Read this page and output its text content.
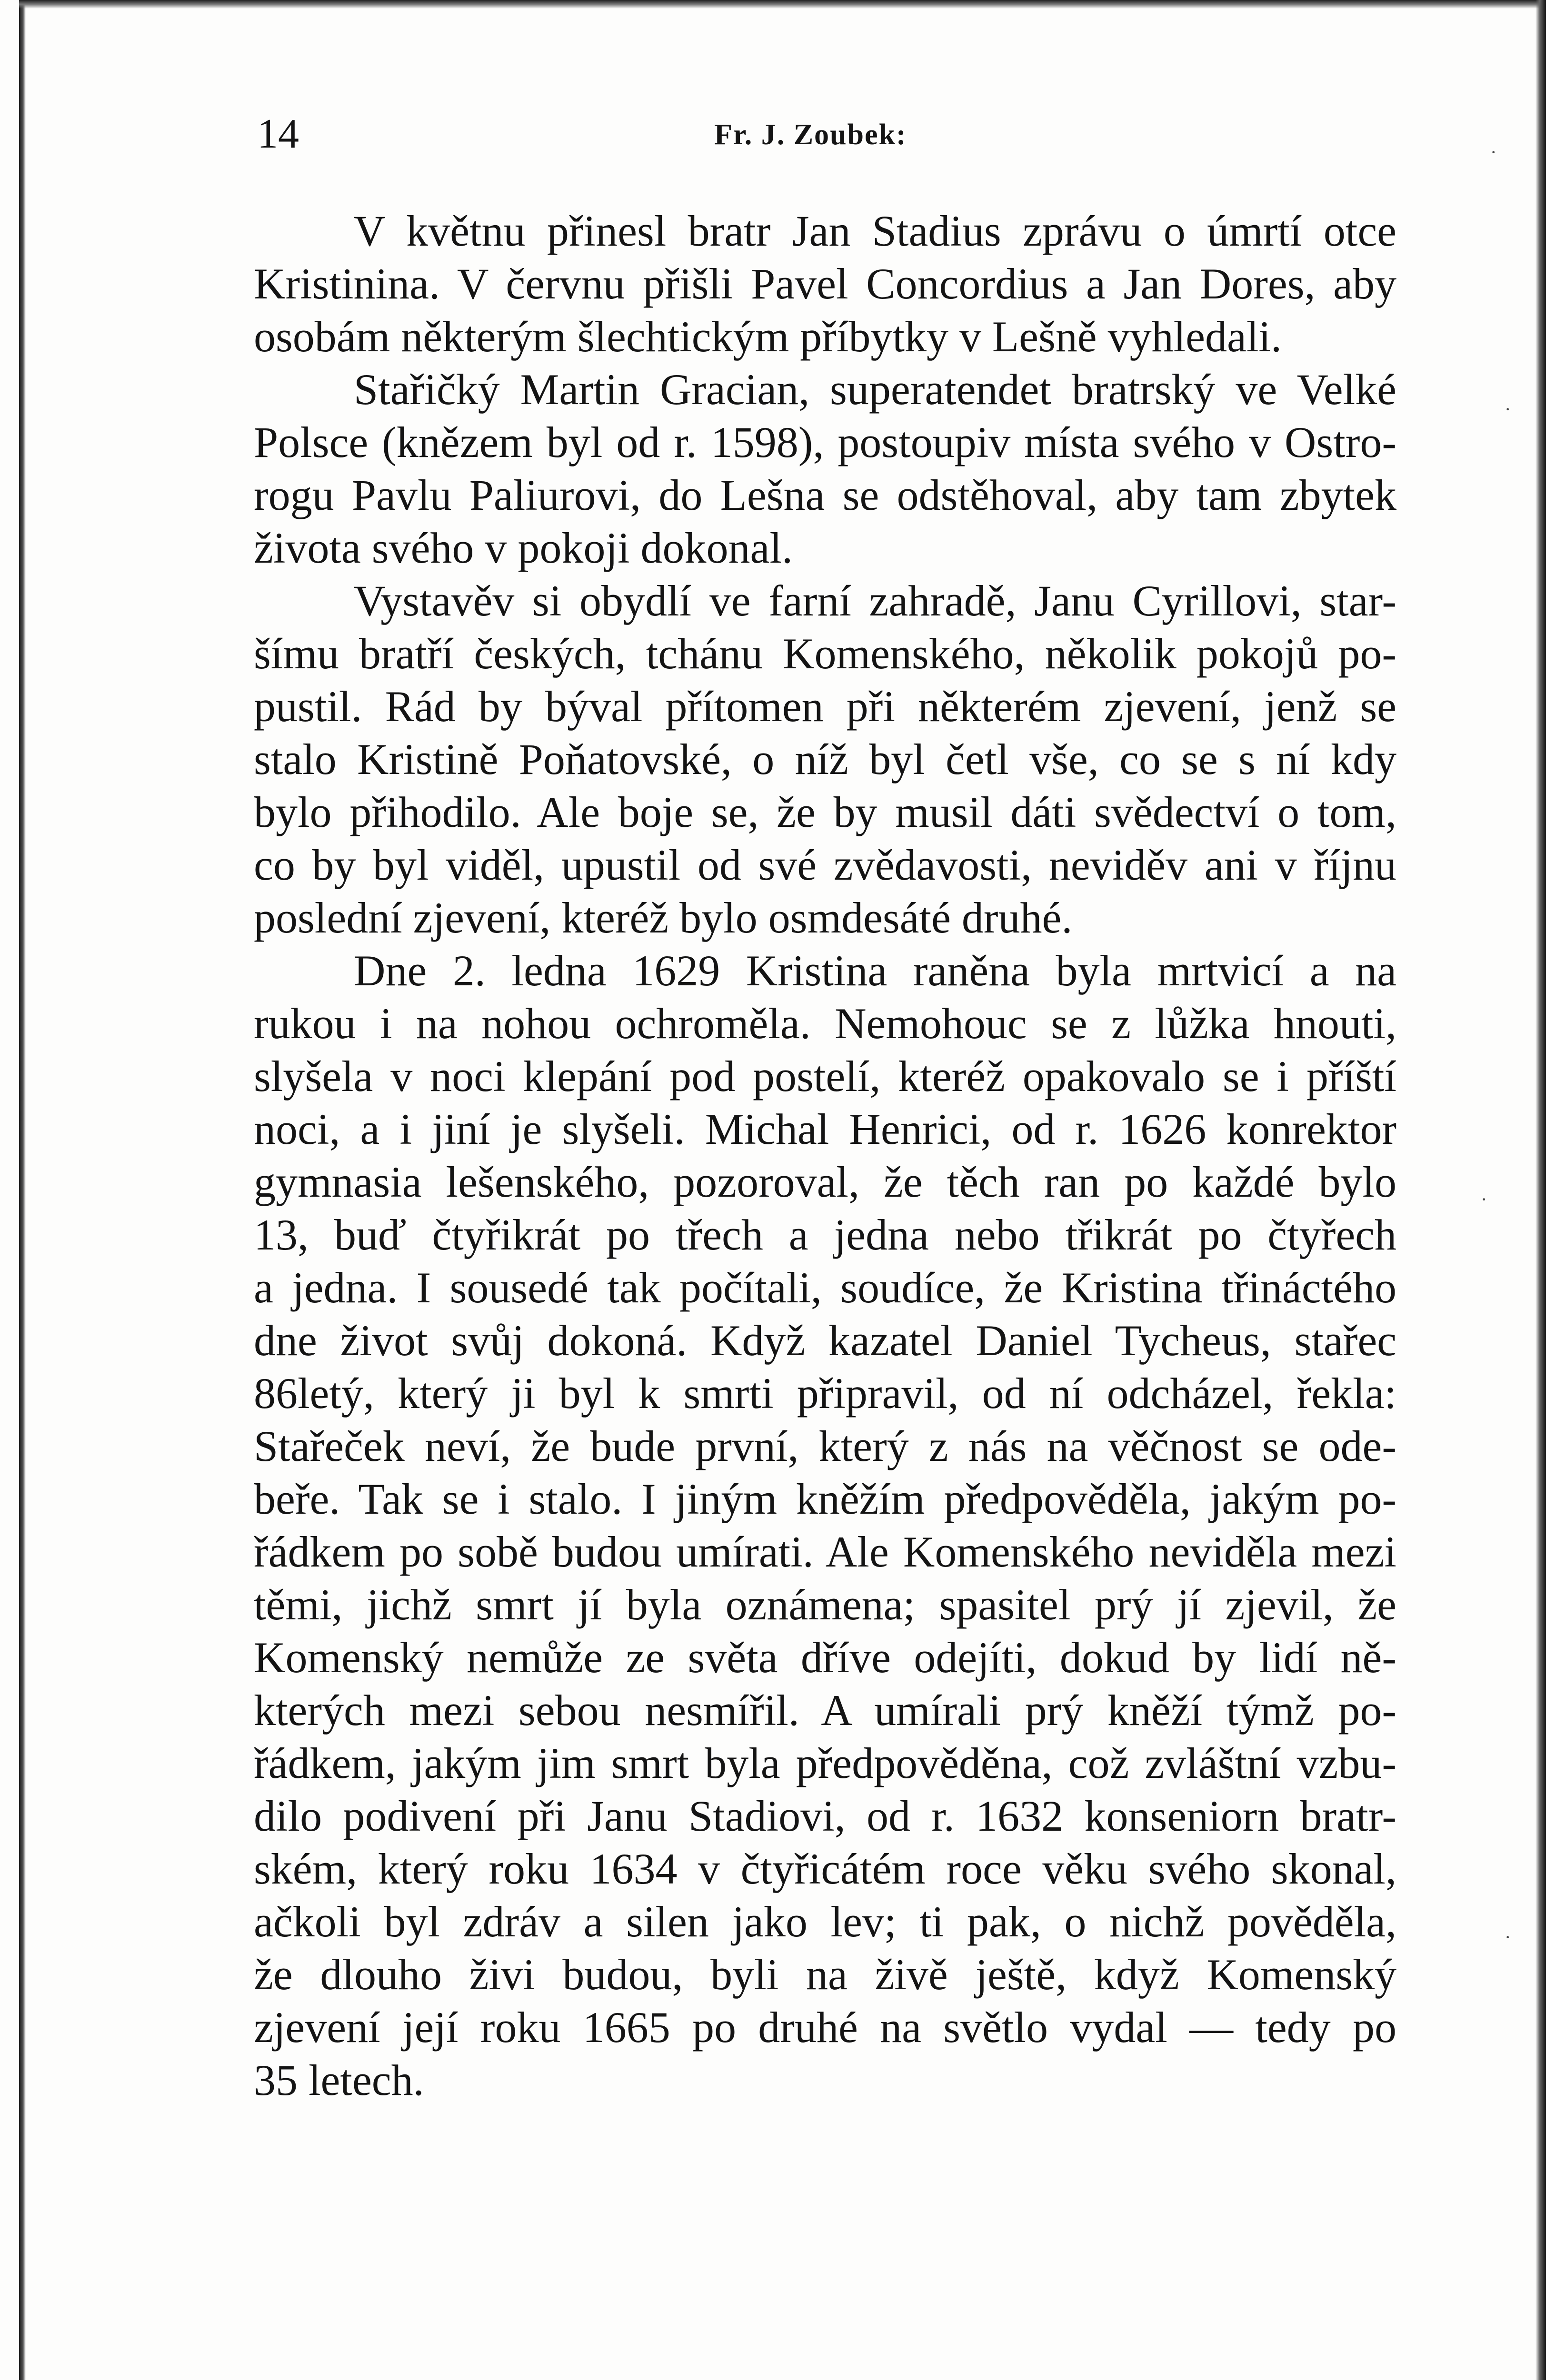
14	Fr. J. Zoubek:
V květnu přinesl bratr Jan Stadius zprávu o úmrtí otce
Kristinina. V červnu přišli Pavel Concordius a Jan Dores, aby
osobám některým šlechtickým příbytky v Lešně vyhledali.
Stařičký Martin Gracian, superatendet bratrský ve Velké
Polsce (knězem byl od r. 1598), postoupiv místa svého v Ostro-
rogu Pavlu Paliurovi, do Lešna se odstěhoval, aby tam zbytek
života svého v pokoji dokonal.
Vystavěv si obydlí ve farní zahradě, Janu Cyrillovi, star-
šímu bratří českých, tchánu Komenského, několik pokojů po-
pustil. Rád by býval přítomen při některém zjevení, jenž se
stalo Kristině Poňatovské, o níž byl četl vše, co se s ní kdy
bylo přihodilo. Ale boje se, že by musil dáti svědectví o tom,
co by byl viděl, upustil od své zvědavosti, neviděv ani v říjnu
poslední zjevení, kteréž bylo osmdesáté druhé.
Dne 2. ledna 1629 Kristina raněna byla mrtvicí a na
rukou i na nohou ochroměla. Nemohouc se z lůžka hnouti,
slyšela v noci klepání pod postelí, kteréž opakovalo se i příští
noci, a i jiní je slyšeli. Michal Henrici, od r. 1626 konrektor
gymnasia lešenského, pozoroval, že těch ran po každé bylo
13, buď čtyřikrát po třech a jedna nebo třikrát po čtyřech
a jedna. I sousedé tak počítali, soudíce, že Kristina třináctého
dne život svůj dokoná. Když kazatel Daniel Tycheus, stařec
86letý, který ji byl k smrti připravil, od ní odcházel, řekla:
Stařeček neví, že bude první, který z nás na věčnost se ode-
beře. Tak se i stalo. I jiným kněžím předpověděla, jakým po-
řádkem po sobě budou umírati. Ale Komenského neviděla mezi
těmi, jichž smrt jí byla oznámena; spasitel prý jí zjevil, že
Komenský nemůže ze světa dříve odejíti, dokud by lidí ně-
kterých mezi sebou nesmířil. A umírali prý kněží týmž po-
řádkem, jakým jim smrt byla předpověděna, což zvláštní vzbu-
dilo podivení při Janu Stadiovi, od r. 1632 konseniorn bratr-
ském, který roku 1634 v čtyřicátém roce věku svého skonal,
ačkoli byl zdráv a silen jako lev; ti pak, o nichž pověděla,
že dlouho živi budou, byli na živě ještě, když Komenský
zjevení její roku 1665 po druhé na světlo vydal — tedy po
35 letech.
·
·
·
·
